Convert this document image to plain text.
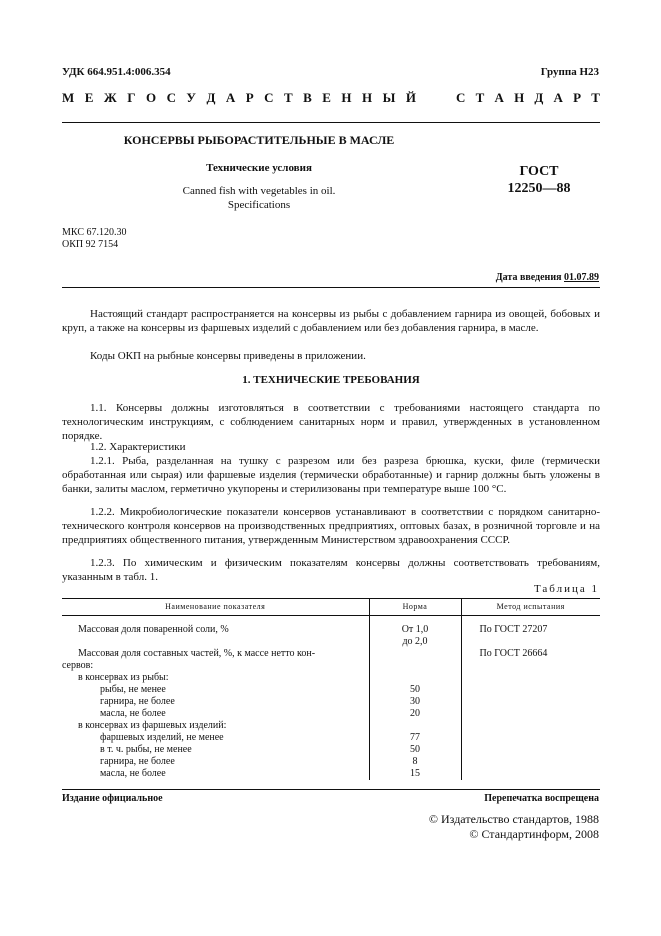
УДК 664.951.4:006.354	Группа Н23
М Е Ж Г О С У Д А Р С Т В Е Н Н Ы Й	С Т А Н Д А Р Т
КОНСЕРВЫ РЫБОРАСТИТЕЛЬНЫЕ В МАСЛЕ
Технические условия
Canned fish with vegetables in oil.
Specifications
ГОСТ
12250—88
МКС 67.120.30
ОКП 92 7154
Дата введения 01.07.89
Настоящий стандарт распространяется на консервы из рыбы с добавлением гарнира из овощей, бобовых и круп, а также на консервы из фаршевых изделий с добавлением или без добавления гарнира, в масле.
Коды ОКП на рыбные консервы приведены в приложении.
1. ТЕХНИЧЕСКИЕ ТРЕБОВАНИЯ
1.1. Консервы должны изготовляться в соответствии с требованиями настоящего стандарта по технологическим инструкциям, с соблюдением санитарных норм и правил, утвержденных в установленном порядке.
1.2. Характеристики
1.2.1. Рыба, разделанная на тушку с разрезом или без разреза брюшка, куски, филе (термически обработанная или сырая) или фаршевые изделия (термически обработанные) и гарнир должны быть уложены в банки, залиты маслом, герметично укупорены и стерилизованы при температуре выше 100 °С.
1.2.2. Микробиологические показатели консервов устанавливают в соответствии с порядком санитарно-технического контроля консервов на производственных предприятиях, оптовых базах, в розничной торговле и на предприятиях общественного питания, утвержденным Министерством здравоохранения СССР.
1.2.3. По химическим и физическим показателям консервы должны соответствовать требованиям, указанным в табл. 1.
Таблица 1
Наименование показателя	Норма	Метод испытания
Массовая доля поваренной соли, %	От 1,0	По ГОСТ 27207
	до 2,0	
Массовая доля составных частей, %, к массе нетто кон-		По ГОСТ 26664
сервов:		
в консервах из рыбы:		
рыбы, не менее	50	
гарнира, не более	30	
масла, не более	20	
в консервах из фаршевых изделий:		
фаршевых изделий, не менее	77	
в т. ч. рыбы, не менее	50	
гарнира, не более	8	
масла, не более	15	
Издание официальное	Перепечатка воспрещена
© Издательство стандартов, 1988
© Стандартинформ, 2008
